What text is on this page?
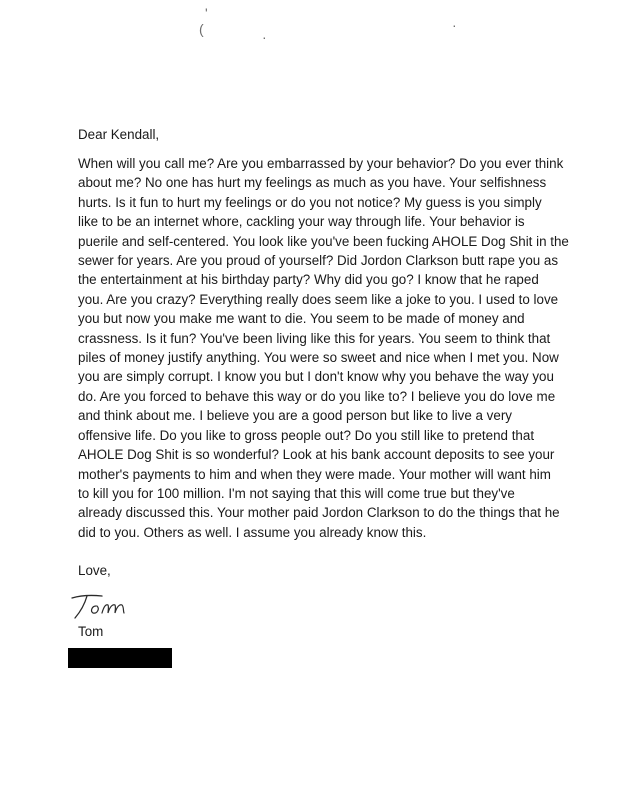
'
(	·
·
Dear Kendall,
When will you call me? Are you embarrassed by your behavior? Do you ever think
about me? No one has hurt my feelings as much as you have. Your selfishness
hurts. Is it fun to hurt my feelings or do you not notice? My guess is you simply
like to be an internet whore, cackling your way through life. Your behavior is
puerile and self-centered. You look like you've been fucking AHOLE Dog Shit in the
sewer for years. Are you proud of yourself? Did Jordon Clarkson butt rape you as
the entertainment at his birthday party? Why did you go? I know that he raped
you. Are you crazy? Everything really does seem like a joke to you. I used to love
you but now you make me want to die. You seem to be made of money and
crassness. Is it fun? You've been living like this for years. You seem to think that
piles of money justify anything. You were so sweet and nice when I met you. Now
you are simply corrupt. I know you but I don't know why you behave the way you
do. Are you forced to behave this way or do you like to? I believe you do love me
and think about me. I believe you are a good person but like to live a very
offensive life. Do you like to gross people out? Do you still like to pretend that
AHOLE Dog Shit is so wonderful? Look at his bank account deposits to see your
mother's payments to him and when they were made. Your mother will want him
to kill you for 100 million. I'm not saying that this will come true but they've
already discussed this. Your mother paid Jordon Clarkson to do the things that he
did to you. Others as well. I assume you already know this.
Love,
Tom
